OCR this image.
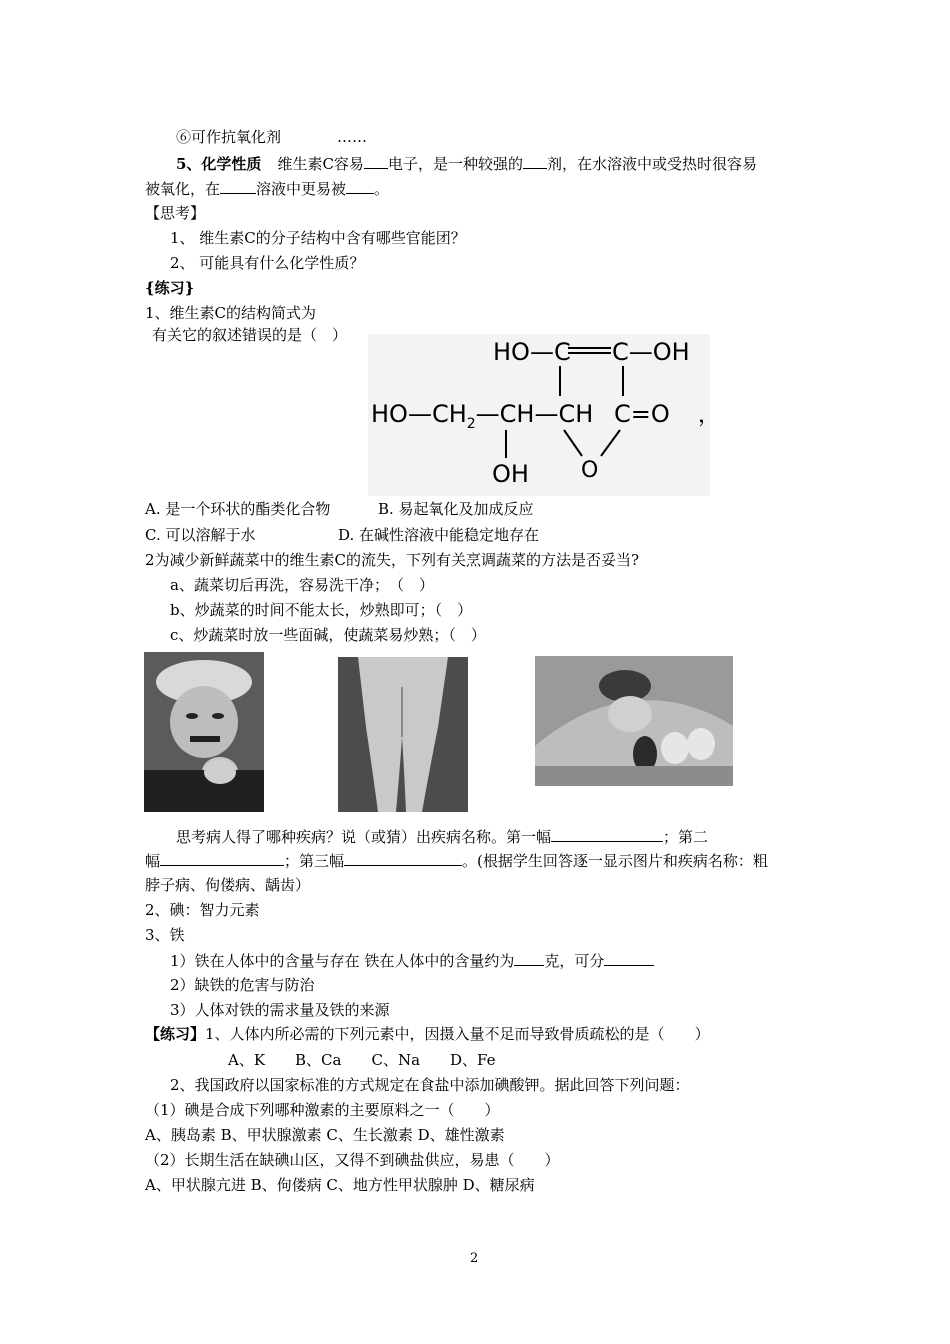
⑥可作抗氧化剂	……
5、化学性质 维生素C容易 电子，是一种较强的 剂，在水溶液中或受热时很容易
被氧化，在 溶液中更易被 。
【思考】
1、 维生素C的分子结构中含有哪些官能团？
2、 可能具有什么化学性质？
{练习}
1、维生素C的结构简式为
有关它的叙述错误的是（　）
HO—C C—OH
$HO—CH_2—CH—CH$ C=O
OH O
，
A. 是一个环状的酯类化合物	B. 易起氧化及加成反应
C. 可以溶解于水	D. 在碱性溶液中能稳定地存在
2为减少新鲜蔬菜中的维生素C的流失，下列有关烹调蔬菜的方法是否妥当?
a、蔬菜切后再洗，容易洗干净；　（　）
b、炒蔬菜的时间不能太长，炒熟即可；（　）
c、炒蔬菜时放一些面碱，使蔬菜易炒熟；（　）
思考病人得了哪种疾病？说（或猜）出疾病名称。第一幅	；第二
幅	；第三幅	。(根据学生回答逐一显示图片和疾病名称：粗
脖子病、佝偻病、龋齿）
2、碘：智力元素
3、铁
1）铁在人体中的含量与存在 铁在人体中的含量约为 克，可分
2）缺铁的危害与防治
3）人体对铁的需求量及铁的来源
【练习】1、人体内所必需的下列元素中，因摄入量不足而导致骨质疏松的是（　　）
A、K　　B、Ca　　C、Na　　D、Fe
2、我国政府以国家标准的方式规定在食盐中添加碘酸钾。据此回答下列问题：
（1）碘是合成下列哪种激素的主要原料之一（　　）
A、胰岛素 B、甲状腺激素 C、生长激素 D、雄性激素
（2）长期生活在缺碘山区，又得不到碘盐供应，易患（　　）
A、甲状腺亢进 B、佝偻病 C、地方性甲状腺肿 D、糖尿病
2
